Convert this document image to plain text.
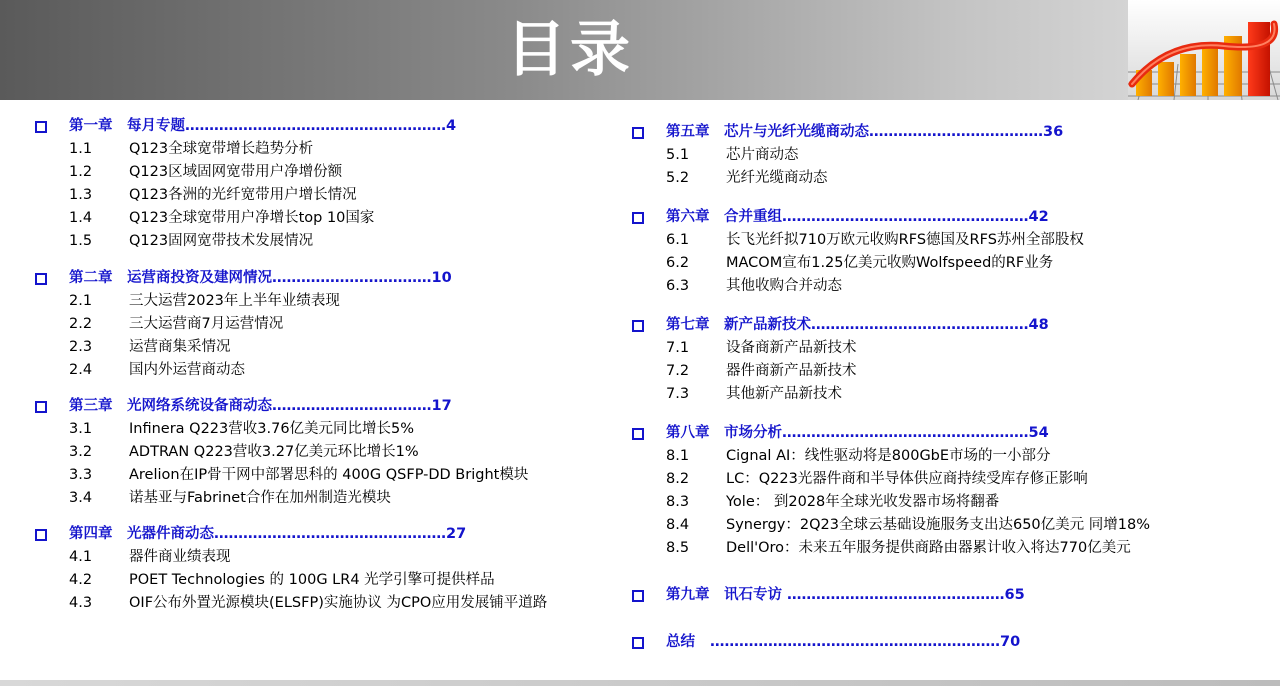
目录
第一章 每月专题………………………………………………4
1.1	Q123全球宽带增长趋势分析
1.2	Q123区域固网宽带用户净增份额
1.3	Q123各洲的光纤宽带用户增长情况
1.4	Q123全球宽带用户净增长top 10国家
1.5	Q123固网宽带技术发展情况
第二章 运营商投资及建网情况……………………………10
2.1	三大运营2023年上半年业绩表现
2.2	三大运营商7月运营情况
2.3	运营商集采情况
2.4	国内外运营商动态
第三章 光网络系统设备商动态……………………………17
3.1	Infinera Q223营收3.76亿美元同比增长5%
3.2	ADTRAN Q223营收3.27亿美元环比增长1%
3.3	Arelion在IP骨干网中部署思科的 400G QSFP-DD Bright模块
3.4	诺基亚与Fabrinet合作在加州制造光模块
第四章 光器件商动态…………………………………………27
4.1	器件商业绩表现
4.2	POET Technologies 的 100G LR4 光学引擎可提供样品
4.3	OIF公布外置光源模块(ELSFP)实施协议 为CPO应用发展铺平道路
第五章 芯片与光纤光缆商动态………………………………36
5.1	芯片商动态
5.2	光纤光缆商动态
第六章 合并重组……………………………………………42
6.1	长飞光纤拟710万欧元收购RFS德国及RFS苏州全部股权
6.2	MACOM宣布1.25亿美元收购Wolfspeed的RF业务
6.3	其他收购合并动态
第七章 新产品新技术………………………………………48
7.1	设备商新产品新技术
7.2	器件商新产品新技术
7.3	其他新产品新技术
第八章 市场分析……………………………………………54
8.1	Cignal AI：线性驱动将是800GbE市场的一小部分
8.2	LC：Q223光器件商和半导体供应商持续受库存修正影响
8.3	Yole： 到2028年全球光收发器市场将翻番
8.4	Synergy：2Q23全球云基础设施服务支出达650亿美元 同增18%
8.5	Dell'Oro：未来五年服务提供商路由器累计收入将达770亿美元
第九章 讯石专访 ………………………………………65
总结 ……………………………………………………70
